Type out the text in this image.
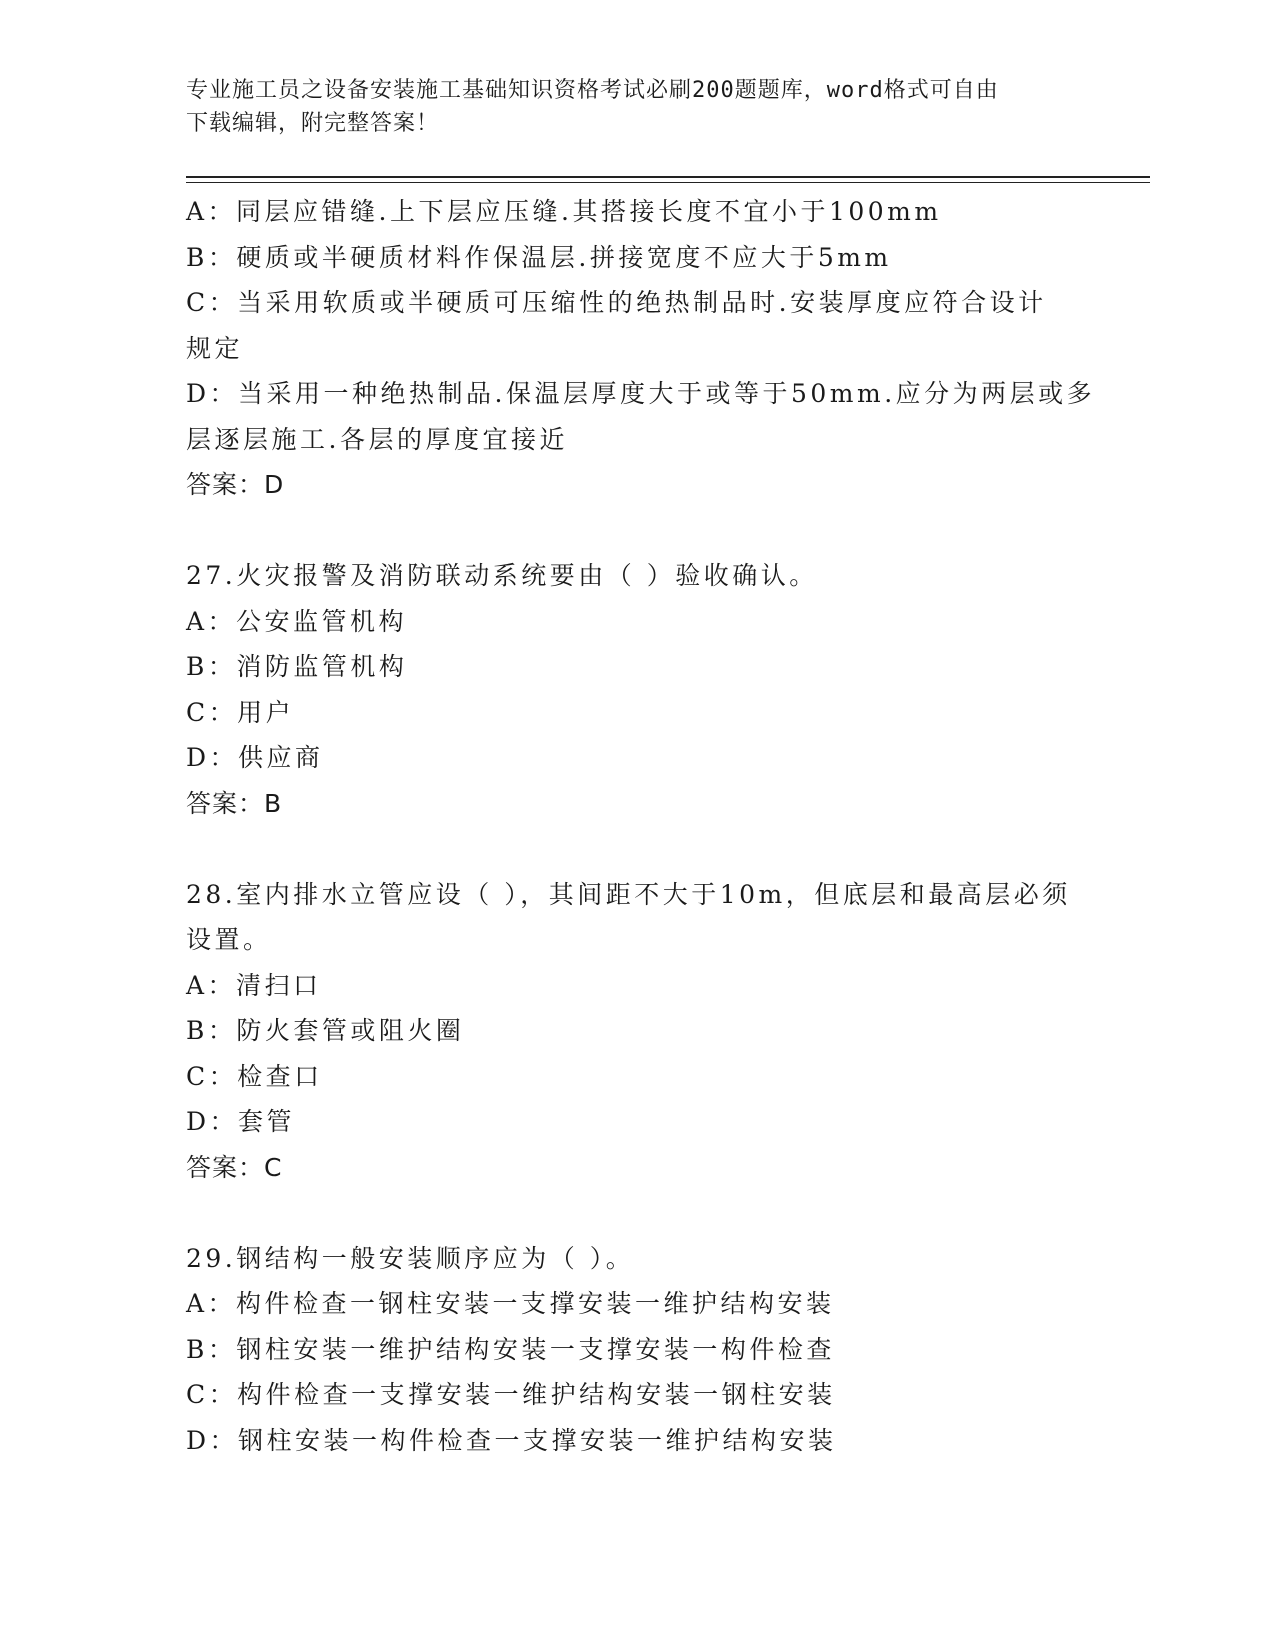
专业施工员之设备安装施工基础知识资格考试必刷200题题库，word格式可自由
下载编辑，附完整答案！
A：同层应错缝.上下层应压缝.其搭接长度不宜小于100mm
B：硬质或半硬质材料作保温层.拼接宽度不应大于5mm
C：当采用软质或半硬质可压缩性的绝热制品时.安装厚度应符合设计
规定
D：当采用一种绝热制品.保温层厚度大于或等于50mm.应分为两层或多
层逐层施工.各层的厚度宜接近
答案：D
27.火灾报警及消防联动系统要由（ ）验收确认。
A：公安监管机构
B：消防监管机构
C：用户
D：供应商
答案：B
28.室内排水立管应设（ ），其间距不大于10m，但底层和最高层必须
设置。
A：清扫口
B：防火套管或阻火圈
C：检查口
D：套管
答案：C
29.钢结构一般安装顺序应为（ ）。
A：构件检查一钢柱安装一支撑安装一维护结构安装
B：钢柱安装一维护结构安装一支撑安装一构件检查
C：构件检查一支撑安装一维护结构安装一钢柱安装
D：钢柱安装一构件检查一支撑安装一维护结构安装
